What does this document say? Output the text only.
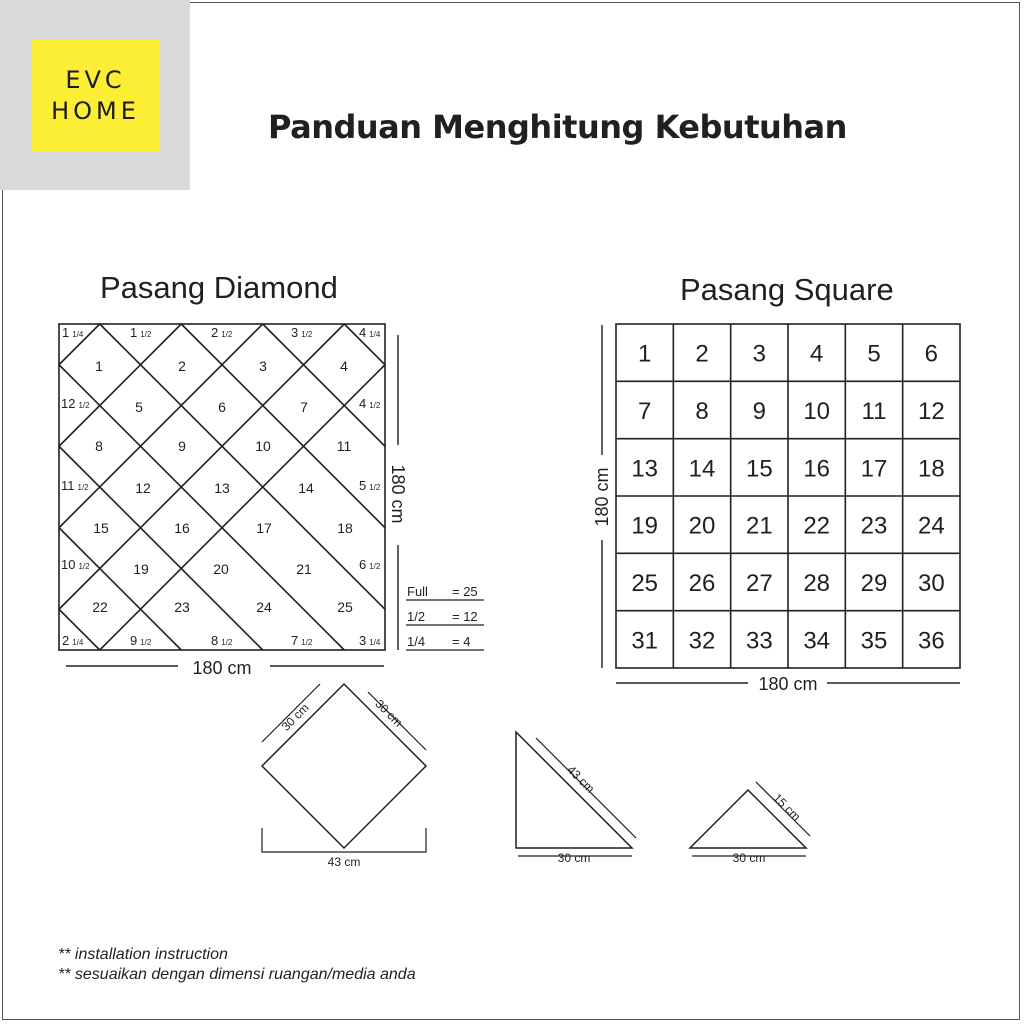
EVC
HOME	Panduan Menghitung Kebutuhan
Pasang Diamond	Pasang Square
1	2	3	4
5	6	7
8	9	10	11
12	13	14
15	16	17	18
19	20	21
22	23	24	25
1 1/4	1 1/2	2 1/2	3 1/2	4 1/4
12 1/2
11 1/2
10 1/2
4 1/2
5 1/2
6 1/2
2 1/4	9 1/2	8 1/2	7 1/2	3 1/4
180 cm
180 cm
Full = 25
1/2 = 12
1/4 = 4
1 2 3 4 5 6
7 8 9 10 11 12
13 14 15 16 17 18
19 20 21 22 23 24
25 26 27 28 29 30
31 32 33 34 35 36
180 cm
180 cm
30 cm	30 cm
43 cm
43 cm
30 cm
15 cm
30 cm
** installation instruction
** sesuaikan dengan dimensi ruangan/media anda
